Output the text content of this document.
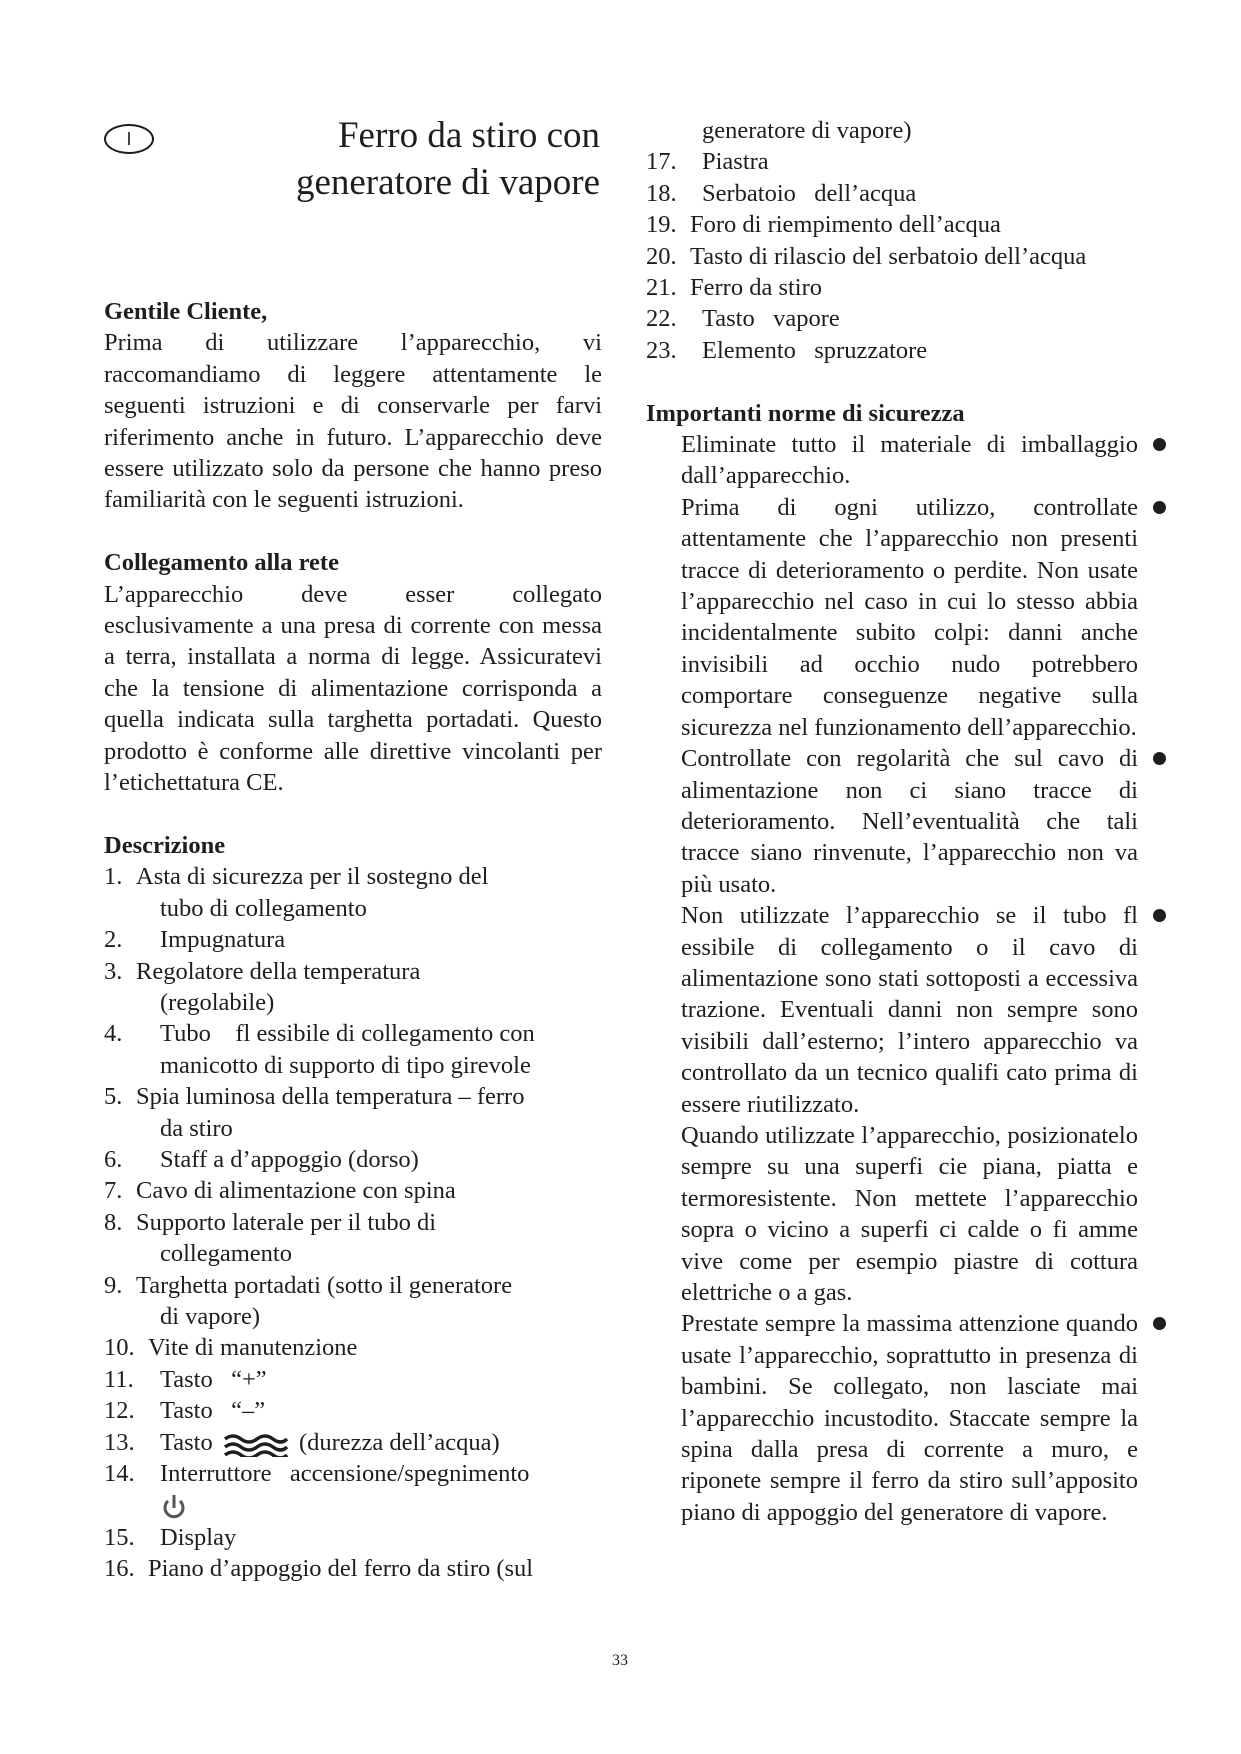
I	Ferro da stiro con
generatore di vapore

Gentile Cliente,

Prima di utilizzare l’apparecchio, vi raccomandiamo di leggere attentamente le seguenti istruzioni e di conservarle per farvi riferimento anche in futuro. L’apparecchio deve essere utilizzato solo da persone che hanno preso familiarità con le seguenti istruzioni.

Collegamento alla rete

L’apparecchio deve esser collegato esclusivamente a una presa di corrente con messa a terra, installata a norma di legge. Assicuratevi che la tensione di alimentazione corrisponda a quella indicata sulla targhetta portadati. Questo prodotto è conforme alle direttive vincolanti per l’etichettatura CE.

Descrizione

1. Asta di sicurezza per il sostegno del
tubo di collegamento
2. Impugnatura
3. Regolatore della temperatura
(regolabile)
4. Tubo    fl essibile di collegamento con
manicotto di supporto di tipo girevole
5. Spia luminosa della temperatura – ferro
da stiro
6. Staff a d’appoggio (dorso)
7. Cavo di alimentazione con spina
8. Supporto laterale per il tubo di
collegamento
9. Targhetta portadati (sotto il generatore
di vapore)
10. Vite di manutenzione
11. Tasto   “+”
12. Tasto   “–”
13. Tasto	(durezza dell’acqua)
14. Interruttore   accensione/spegnimento

15. Display
16. Piano d’appoggio del ferro da stiro (sul
generatore di vapore)
17. Piastra
18. Serbatoio   dell’acqua
19. Foro di riempimento dell’acqua
20. Tasto di rilascio del serbatoio dell’acqua
21. Ferro da stiro
22. Tasto   vapore
23. Elemento   spruzzatore

Importanti norme di sicurezza

Eliminate tutto il materiale di imballaggio dall’apparecchio.
Prima di ogni utilizzo, controllate attentamente che l’apparecchio non presenti tracce di deterioramento o perdite. Non usate l’apparecchio nel caso in cui lo stesso abbia incidentalmente subito colpi: danni anche invisibili ad occhio nudo potrebbero comportare conseguenze negative sulla sicurezza nel funzionamento dell’apparecchio.
Controllate con regolarità che sul cavo di alimentazione non ci siano tracce di deterioramento. Nell’eventualità che tali tracce siano rinvenute, l’apparecchio non va più usato.
Non utilizzate l’apparecchio se il tubo fl essibile di collegamento o il cavo di alimentazione sono stati sottoposti a eccessiva trazione. Eventuali danni non sempre sono visibili dall’esterno; l’intero apparecchio va controllato da un tecnico qualifi cato prima di essere riutilizzato.
Quando utilizzate l’apparecchio, posizionatelo sempre su una superfi cie piana, piatta e termoresistente. Non mettete l’apparecchio sopra o vicino a superfi ci calde o fi amme vive come per esempio piastre di cottura elettriche o a gas.
Prestate sempre la massima attenzione quando usate l’apparecchio, soprattutto in presenza di bambini. Se collegato, non lasciate mai l’apparecchio incustodito. Staccate sempre la spina dalla presa di corrente a muro, e riponete sempre il ferro da stiro sull’apposito piano di appoggio del generatore di vapore.
33
